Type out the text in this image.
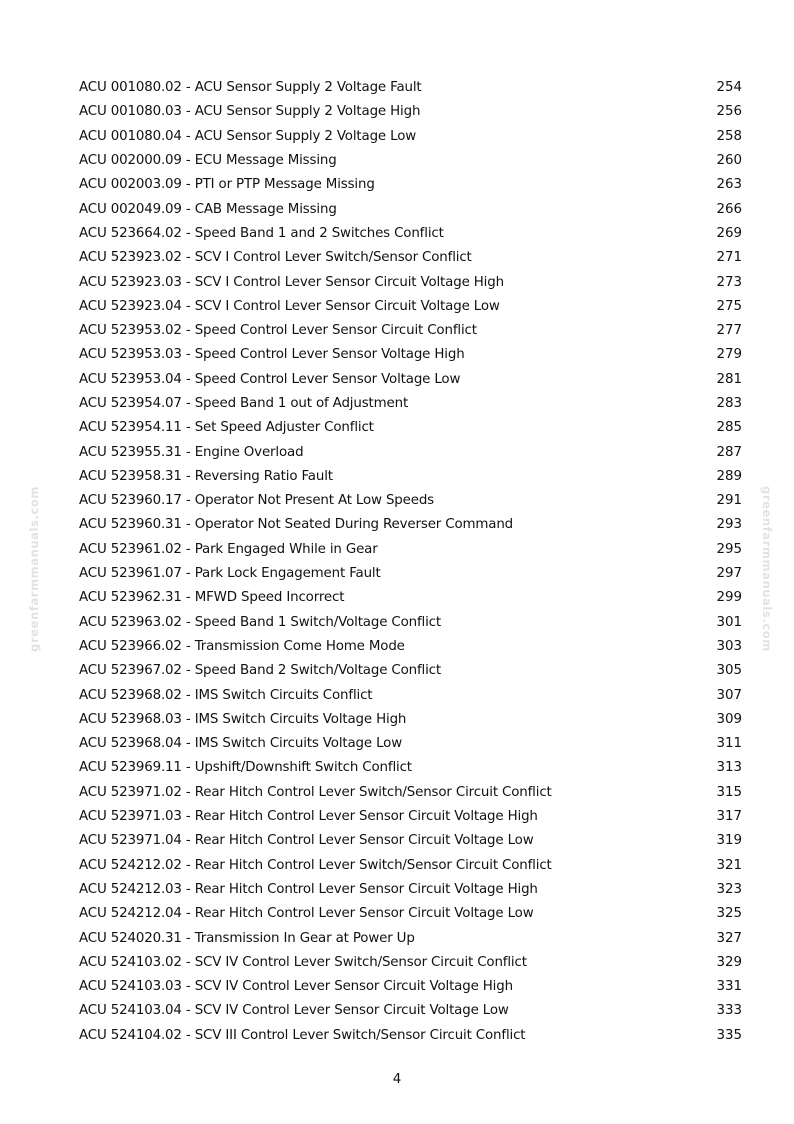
ACU 001080.02 - ACU Sensor Supply 2 Voltage Fault	254
ACU 001080.03 - ACU Sensor Supply 2 Voltage High	256
ACU 001080.04 - ACU Sensor Supply 2 Voltage Low	258
ACU 002000.09 - ECU Message Missing	260
ACU 002003.09 - PTI or PTP Message Missing	263
ACU 002049.09 - CAB Message Missing	266
ACU 523664.02 - Speed Band 1 and 2 Switches Conflict	269
ACU 523923.02 - SCV I Control Lever Switch/Sensor Conflict	271
ACU 523923.03 - SCV I Control Lever Sensor Circuit Voltage High	273
ACU 523923.04 - SCV I Control Lever Sensor Circuit Voltage Low	275
ACU 523953.02 - Speed Control Lever Sensor Circuit Conflict	277
ACU 523953.03 - Speed Control Lever Sensor Voltage High	279
ACU 523953.04 - Speed Control Lever Sensor Voltage Low	281
ACU 523954.07 - Speed Band 1 out of Adjustment	283
ACU 523954.11 - Set Speed Adjuster Conflict	285
ACU 523955.31 - Engine Overload	287
ACU 523958.31 - Reversing Ratio Fault	289
ACU 523960.17 - Operator Not Present At Low Speeds	291
ACU 523960.31 - Operator Not Seated During Reverser Command	293
ACU 523961.02 - Park Engaged While in Gear	295
ACU 523961.07 - Park Lock Engagement Fault	297
ACU 523962.31 - MFWD Speed Incorrect	299
ACU 523963.02 - Speed Band 1 Switch/Voltage Conflict	301
ACU 523966.02 - Transmission Come Home Mode	303
ACU 523967.02 - Speed Band 2 Switch/Voltage Conflict	305
ACU 523968.02 - IMS Switch Circuits Conflict	307
ACU 523968.03 - IMS Switch Circuits Voltage High	309
ACU 523968.04 - IMS Switch Circuits Voltage Low	311
ACU 523969.11 - Upshift/Downshift Switch Conflict	313
ACU 523971.02 - Rear Hitch Control Lever Switch/Sensor Circuit Conflict	315
ACU 523971.03 - Rear Hitch Control Lever Sensor Circuit Voltage High	317
ACU 523971.04 - Rear Hitch Control Lever Sensor Circuit Voltage Low	319
ACU 524212.02 - Rear Hitch Control Lever Switch/Sensor Circuit Conflict	321
ACU 524212.03 - Rear Hitch Control Lever Sensor Circuit Voltage High	323
ACU 524212.04 - Rear Hitch Control Lever Sensor Circuit Voltage Low	325
ACU 524020.31 - Transmission In Gear at Power Up	327
ACU 524103.02 - SCV IV Control Lever Switch/Sensor Circuit Conflict	329
ACU 524103.03 - SCV IV Control Lever Sensor Circuit Voltage High	331
ACU 524103.04 - SCV IV Control Lever Sensor Circuit Voltage Low	333
ACU 524104.02 - SCV III Control Lever Switch/Sensor Circuit Conflict	335
4
greenfarmmanuals.com	greenfarmmanuals.com
